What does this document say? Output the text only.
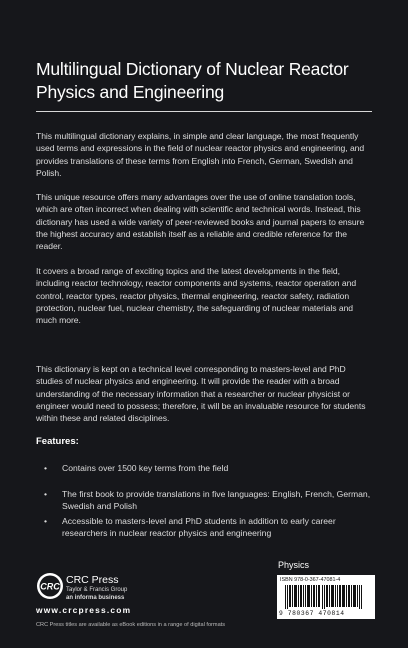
Multilingual Dictionary of Nuclear Reactor Physics and Engineering
This multilingual dictionary explains, in simple and clear language, the most frequently used terms and expressions in the field of nuclear reactor physics and engineering, and provides translations of these terms from English into French, German, Swedish and Polish.
This unique resource offers many advantages over the use of online translation tools, which are often incorrect when dealing with scientific and technical words. Instead, this dictionary has used a wide variety of peer-reviewed books and journal papers to ensure the highest accuracy and establish itself as a reliable and credible reference for the reader.
It covers a broad range of exciting topics and the latest developments in the field, including reactor technology, reactor components and systems, reactor operation and control, reactor types, reactor physics, thermal engineering, reactor safety, radiation protection, nuclear fuel, nuclear chemistry, the safeguarding of nuclear materials and much more.
This dictionary is kept on a technical level corresponding to masters-level and PhD studies of nuclear physics and engineering. It will provide the reader with a broad understanding of the necessary information that a researcher or nuclear physicist or engineer would need to possess; therefore, it will be an invaluable resource for students within these and related disciplines.
Features:
• Contains over 1500 key terms from the field
• The first book to provide translations in five languages: English, French, German, Swedish and Polish
• Accessible to masters-level and PhD students in addition to early career researchers in nuclear reactor physics and engineering
Physics
ISBN 978-0-367-47081-4
9 780367 470814
CRC
CRC Press
Taylor & Francis Group
an informa business
www.crcpress.com
CRC Press titles are available as eBook editions in a range of digital formats
